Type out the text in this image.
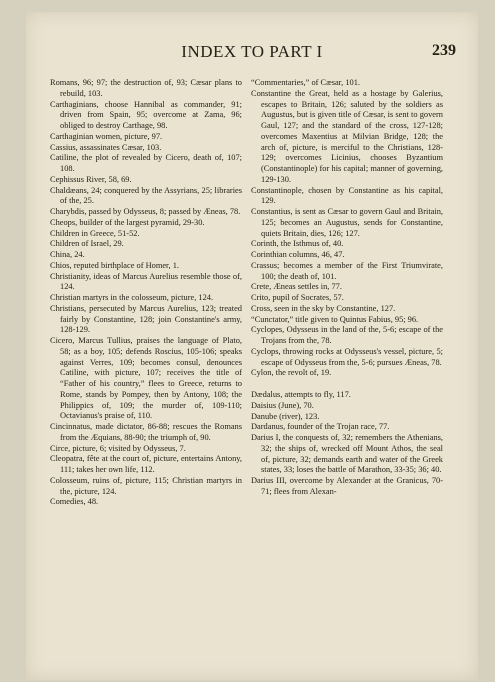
INDEX TO PART I	239

Romans, 96; 97; the destruction of, 93; Cæsar plans to rebuild, 103.

Carthaginians, choose Hannibal as commander, 91; driven from Spain, 95; overcome at Zama, 96; obliged to destroy Carthage, 98.

Carthaginian women, picture, 97.

Cassius, assassinates Cæsar, 103.

Catiline, the plot of revealed by Cicero, death of, 107; 108.

Cephissus River, 58, 69.

Chaldæans, 24; conquered by the Assyrians, 25; libraries of the, 25.

Charybdis, passed by Odysseus, 8; passed by Æneas, 78.

Cheops, builder of the largest pyramid, 29-30.

Children in Greece, 51-52.

Children of Israel, 29.

China, 24.

Chios, reputed birthplace of Homer, 1.

Christianity, ideas of Marcus Aurelius resemble those of, 124.

Christian martyrs in the colosseum, picture, 124.

Christians, persecuted by Marcus Aurelius, 123; treated fairly by Constantine, 128; join Constantine's army, 128-129.

Cicero, Marcus Tullius, praises the language of Plato, 58; as a boy, 105; defends Roscius, 105-106; speaks against Verres, 109; becomes consul, denounces Catiline, with picture, 107; receives the title of “Father of his country,” flees to Greece, returns to Rome, stands by Pompey, then by Antony, 108; the Philippics of, 109; the murder of, 109-110; Octavianus's praise of, 110.

Cincinnatus, made dictator, 86-88; rescues the Romans from the Æquians, 88-90; the triumph of, 90.

Circe, picture, 6; visited by Odysseus, 7.

Cleopatra, fête at the court of, picture, entertains Antony, 111; takes her own life, 112.

Colosseum, ruins of, picture, 115; Christian martyrs in the, picture, 124.

Comedies, 48.

“Commentaries,” of Cæsar, 101.

Constantine the Great, held as a hostage by Galerius, escapes to Britain, 126; saluted by the soldiers as Augustus, but is given title of Cæsar, is sent to govern Gaul, 127; and the standard of the cross, 127-128; overcomes Maxentius at Milvian Bridge, 128; the arch of, picture, is merciful to the Christians, 128-129; overcomes Licinius, chooses Byzantium (Constantinople) for his capital; manner of governing, 129-130.

Constantinople, chosen by Constantine as his capital, 129.

Constantius, is sent as Cæsar to govern Gaul and Britain, 125; becomes an Augustus, sends for Constantine, quiets Britain, dies, 126; 127.

Corinth, the Isthmus of, 40.

Corinthian columns, 46, 47.

Crassus; becomes a member of the First Triumvirate, 100; the death of, 101.

Crete, Æneas settles in, 77.

Crito, pupil of Socrates, 57.

Cross, seen in the sky by Constantine, 127.

“Cunctator,” title given to Quintus Fabius, 95; 96.

Cyclopes, Odysseus in the land of the, 5-6; escape of the Trojans from the, 78.

Cyclops, throwing rocks at Odysseus's vessel, picture, 5; escape of Odysseus from the, 5-6; pursues Æneas, 78.

Cylon, the revolt of, 19.

Dædalus, attempts to fly, 117.

Daisius (June), 70.

Danube (river), 123.

Dardanus, founder of the Trojan race, 77.

Darius I, the conquests of, 32; remembers the Athenians, 32; the ships of, wrecked off Mount Athos, the seal of, picture, 32; demands earth and water of the Greek states, 33; loses the battle of Marathon, 33-35; 36; 40.

Darius III, overcome by Alexander at the Granicus, 70-71; flees from Alexan-
